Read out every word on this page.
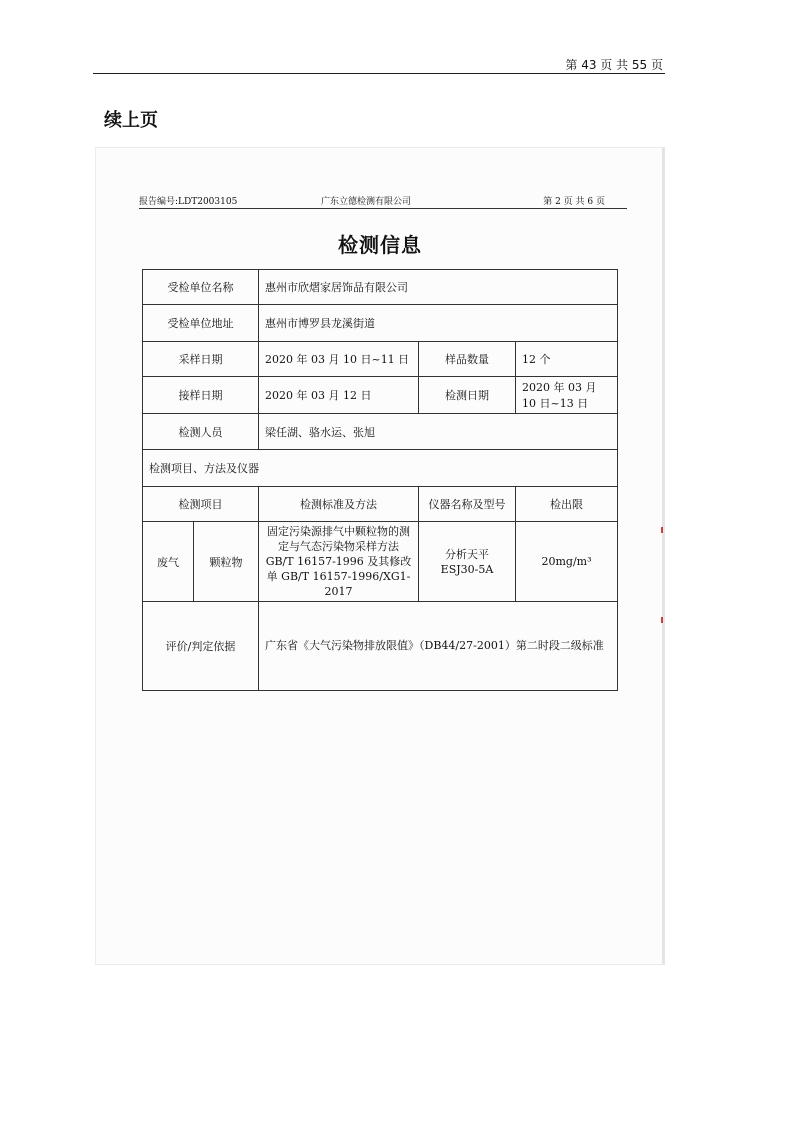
第 43 页 共 55 页
续上页
报告编号:LDT2003105	广东立德检测有限公司	第 2 页 共 6 页
检测信息
受检单位名称		惠州市欣熠家居饰品有限公司		
受检单位地址		惠州市博罗县龙溪街道		
采样日期		2020 年 03 月 10 日~11 日	样品数量	12 个
接样日期		2020 年 03 月 12 日	检测日期	2020 年 03 月 10 日~13 日
检测人员		梁任湖、骆水运、张旭		
检测项目、方法及仪器				
检测项目		检测标准及方法	仪器名称及型号	检出限
废气	颗粒物	固定污染源排气中颗粒物的测定与气态污染物采样方法 GB/T 16157-1996 及其修改单 GB/T 16157-1996/XG1-2017	分析天平 ESJ30-5A	20mg/m³
评价/判定依据		广东省《大气污染物排放限值》（DB44/27-2001）第二时段二级标准		
